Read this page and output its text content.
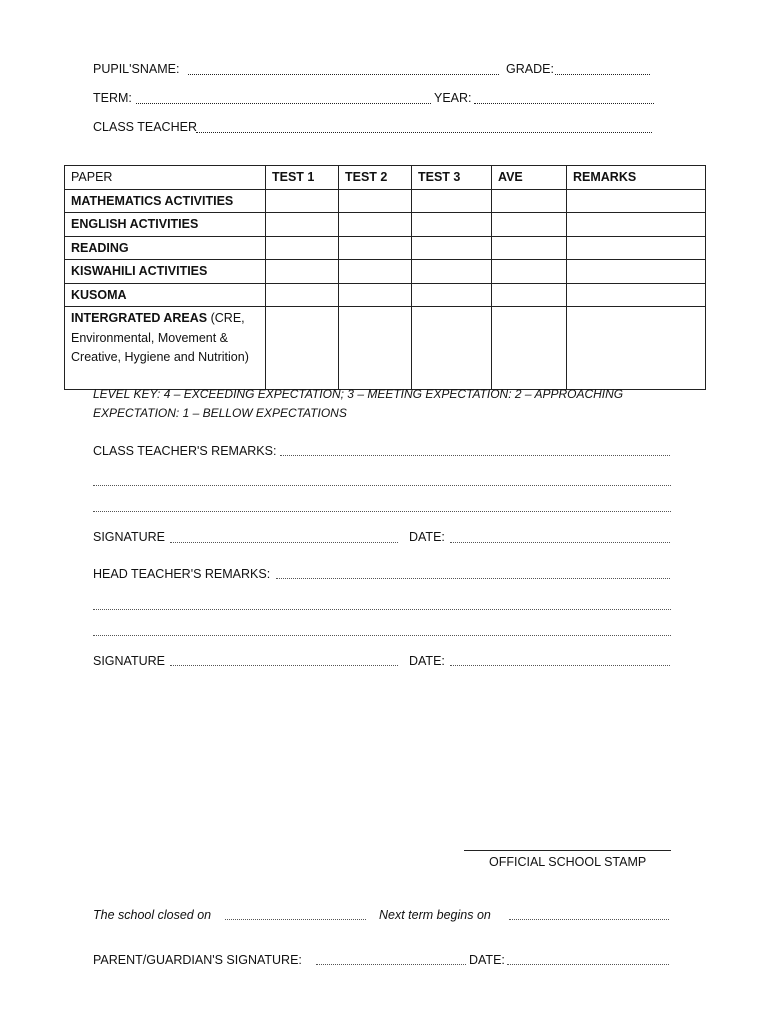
PUPIL'SNAME:	GRADE:
TERM:	YEAR:
CLASS TEACHER
PAPER	TEST 1	TEST 2	TEST 3	AVE	REMARKS
MATHEMATICS ACTIVITIES					
ENGLISH ACTIVITIES					
READING					
KISWAHILI ACTIVITIES					
KUSOMA					
INTERGRATED AREAS (CRE, Environmental, Movement & Creative, Hygiene and Nutrition)					
LEVEL KEY: 4 – EXCEEDING EXPECTATION; 3 – MEETING EXPECTATION: 2 – APPROACHING EXPECTATION: 1 – BELLOW EXPECTATIONS
CLASS TEACHER'S REMARKS:
SIGNATURE	DATE:
HEAD TEACHER'S REMARKS:
SIGNATURE	DATE:
OFFICIAL SCHOOL STAMP
The school closed on	Next term begins on
PARENT/GUARDIAN'S SIGNATURE:	DATE:
